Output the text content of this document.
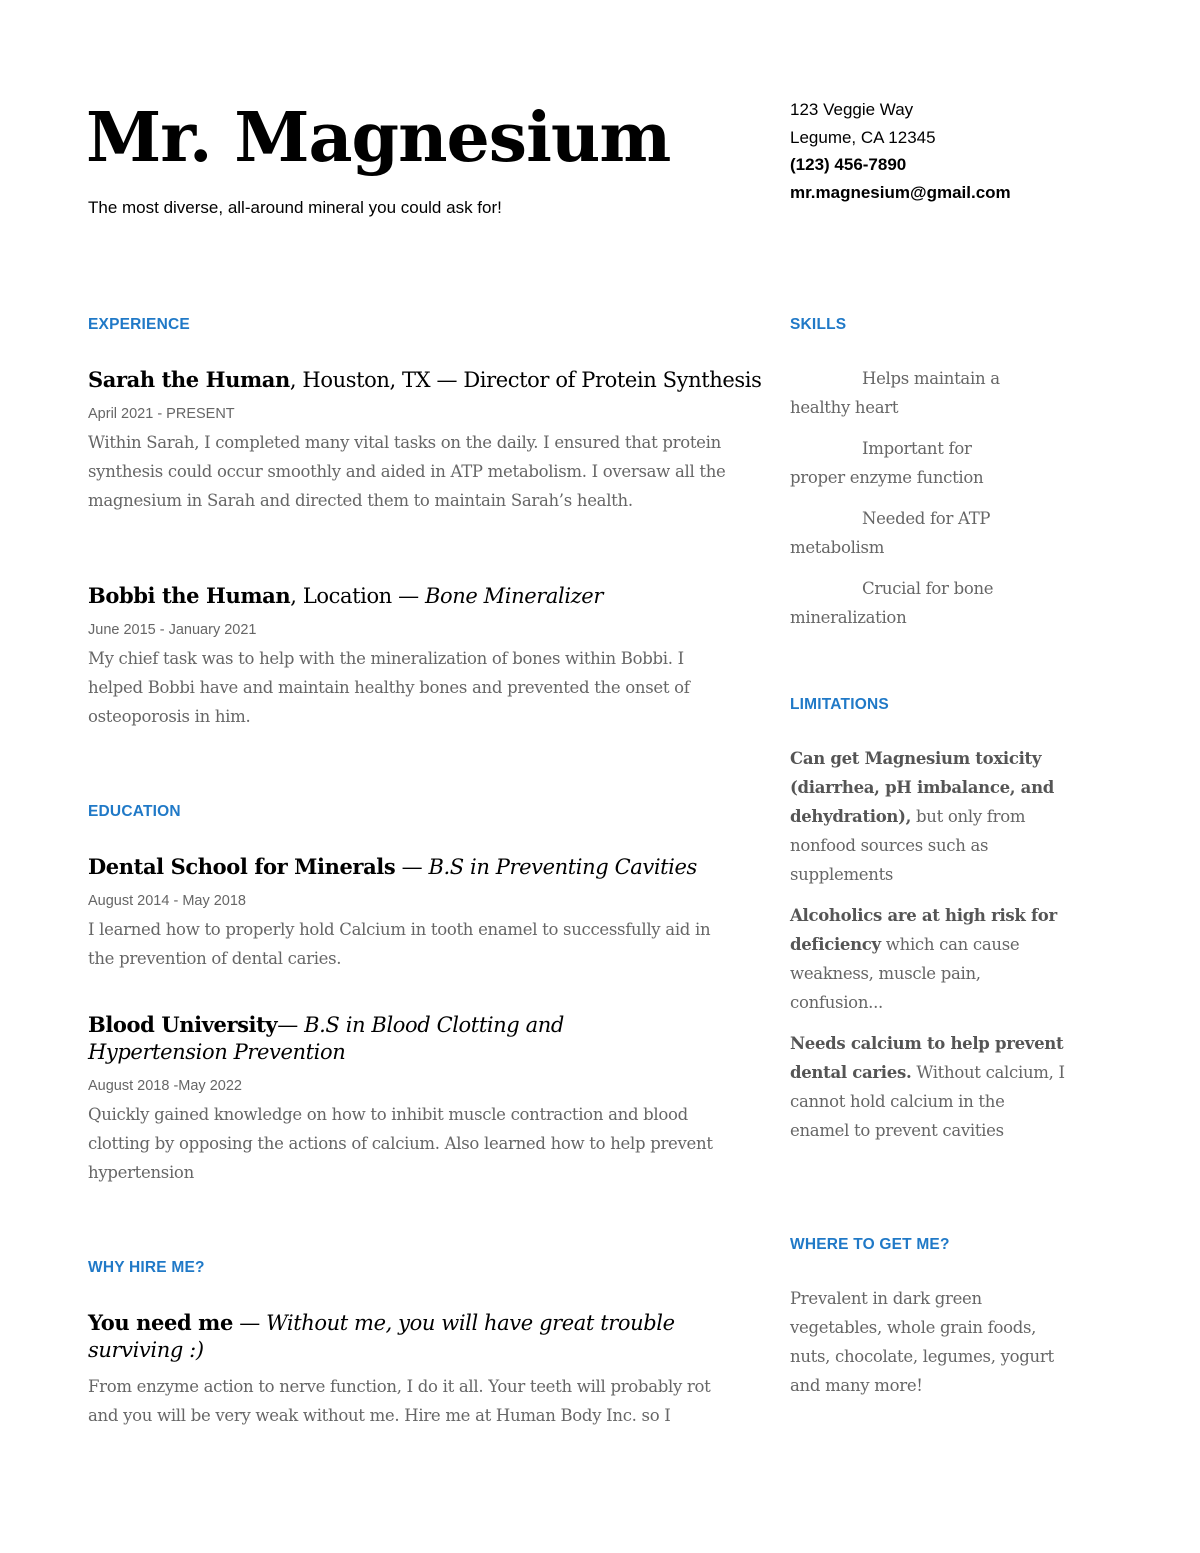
Mr. Magnesium
The most diverse, all-around mineral you could ask for!
123 Veggie Way
Legume, CA 12345
(123) 456-7890
mr.magnesium@gmail.com
EXPERIENCE
Sarah the Human, Houston, TX — Director of Protein Synthesis
April 2021 - PRESENT

Within Sarah, I completed many vital tasks on the daily. I ensured that protein synthesis could occur smoothly and aided in ATP metabolism. I oversaw all the magnesium in Sarah and directed them to maintain Sarah’s health.

Bobbi the Human, Location — Bone Mineralizer
June 2015 - January 2021

My chief task was to help with the mineralization of bones within Bobbi. I helped Bobbi have and maintain healthy bones and prevented the onset of osteoporosis in him.

EDUCATION
Dental School for Minerals — B.S in Preventing Cavities
August 2014 - May 2018

I learned how to properly hold Calcium in tooth enamel to successfully aid in the prevention of dental caries.

Blood University— B.S in Blood Clotting and Hypertension Prevention
August 2018 -May 2022

Quickly gained knowledge on how to inhibit muscle contraction and blood clotting by opposing the actions of calcium. Also learned how to help prevent hypertension

WHY HIRE ME?
You need me — Without me, you will have great trouble surviving :)

From enzyme action to nerve function, I do it all. Your teeth will probably rot and you will be very weak without me. Hire me at Human Body Inc. so I

SKILLS

Helps maintain a healthy heart

Important for proper enzyme function

Needed for ATP metabolism

Crucial for bone mineralization

LIMITATIONS

Can get Magnesium toxicity (diarrhea, pH imbalance, and dehydration), but only from nonfood sources such as supplements

Alcoholics are at high risk for deficiency which can cause weakness, muscle pain, confusion...

Needs calcium to help prevent dental caries. Without calcium, I cannot hold calcium in the enamel to prevent cavities

WHERE TO GET ME?

Prevalent in dark green vegetables, whole grain foods, nuts, chocolate, legumes, yogurt and many more!
